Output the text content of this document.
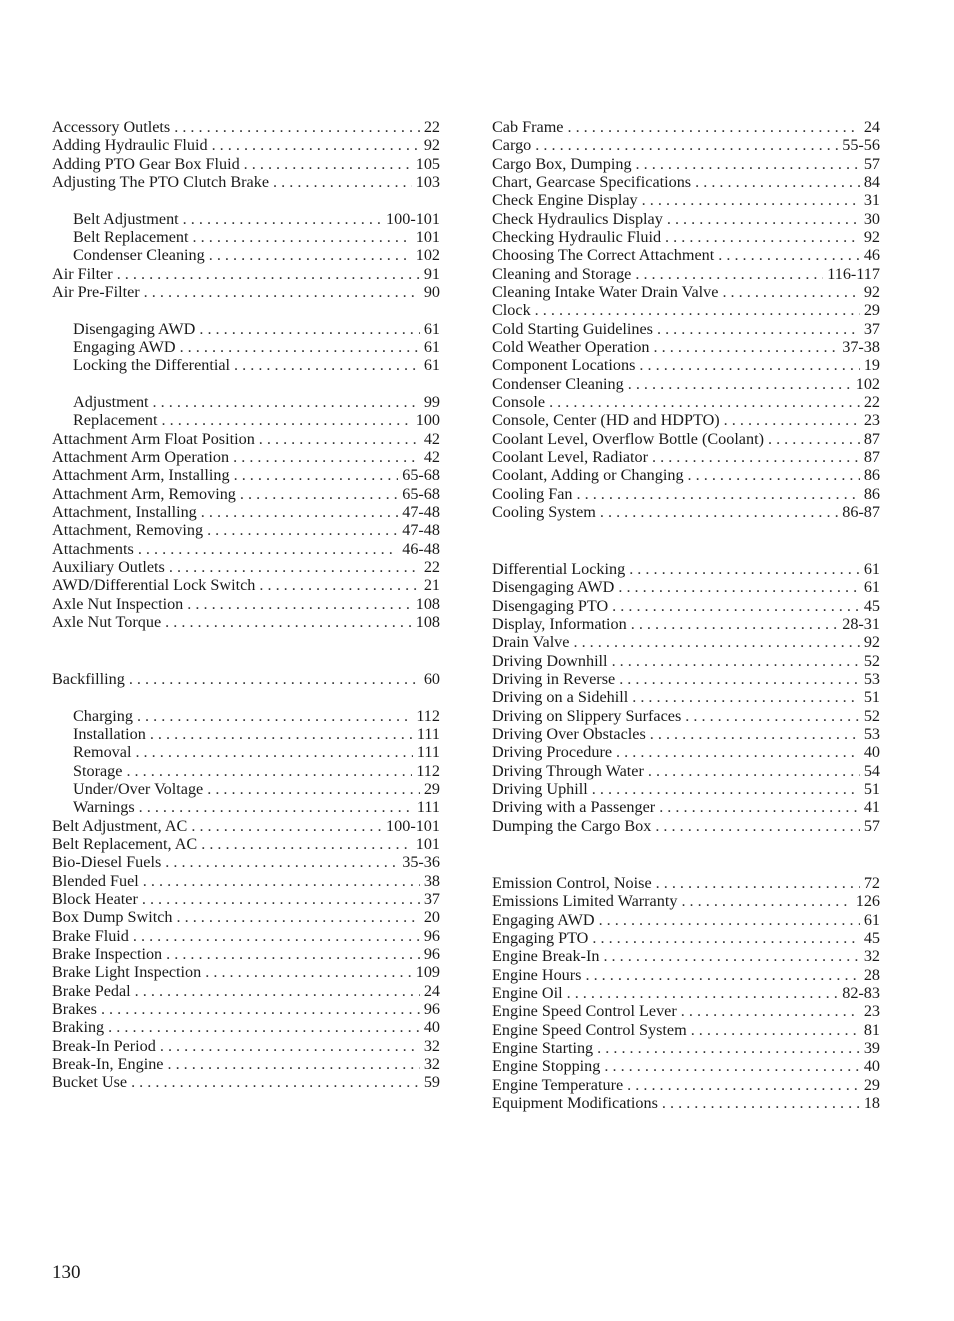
Accessory Outlets . . .	22
Adding Hydraulic Fluid . . .	92
Adding PTO Gear Box Fluid . . .	105
Adjusting The PTO Clutch Brake . . .	103
Belt Adjustment . . .	100-101
Belt Replacement . . .	101
Condenser Cleaning . . .	102
Air Filter . . .	91
Air Pre-Filter . . .	90
Disengaging AWD . . .	61
Engaging AWD . . .	61
Locking the Differential . . .	61
Adjustment . . .	99
Replacement . . .	100
Attachment Arm Float Position . . .	42
Attachment Arm Operation . . .	42
Attachment Arm, Installing . . .	65-68
Attachment Arm, Removing . . .	65-68
Attachment, Installing . . .	47-48
Attachment, Removing . . .	47-48
Attachments . . .	46-48
Auxiliary Outlets . . .	22
AWD/Differential Lock Switch . . .	21
Axle Nut Inspection . . .	108
Axle Nut Torque . . .	108
Backfilling . . .	60
Charging . . .	112
Installation . . .	111
Removal . . .	111
Storage . . .	112
Under/Over Voltage . . .	29
Warnings . . .	111
Belt Adjustment, AC . . .	100-101
Belt Replacement, AC . . .	101
Bio-Diesel Fuels . . .	35-36
Blended Fuel . . .	38
Block Heater . . .	37
Box Dump Switch . . .	20
Brake Fluid . . .	96
Brake Inspection . . .	96
Brake Light Inspection . . .	109
Brake Pedal . . .	24
Brakes . . .	96
Braking . . .	40
Break-In Period . . .	32
Break-In, Engine . . .	32
Bucket Use . . .	59
Cab Frame . . .	24
Cargo . . .	55-56
Cargo Box, Dumping . . .	57
Chart, Gearcase Specifications . . .	84
Check Engine Display . . .	31
Check Hydraulics Display . . .	30
Checking Hydraulic Fluid . . .	92
Choosing The Correct Attachment . . .	46
Cleaning and Storage . . .	116-117
Cleaning Intake Water Drain Valve . . .	92
Clock . . .	29
Cold Starting Guidelines . . .	37
Cold Weather Operation . . .	37-38
Component Locations . . .	19
Condenser Cleaning . . .	102
Console . . .	22
Console, Center (HD and HDPTO) . . .	23
Coolant Level, Overflow Bottle (Coolant) . . .	87
Coolant Level, Radiator . . .	87
Coolant, Adding or Changing . . .	86
Cooling Fan . . .	86
Cooling System . . .	86-87
Differential Locking . . .	61
Disengaging AWD . . .	61
Disengaging PTO . . .	45
Display, Information . . .	28-31
Drain Valve . . .	92
Driving Downhill . . .	52
Driving in Reverse . . .	53
Driving on a Sidehill . . .	51
Driving on Slippery Surfaces . . .	52
Driving Over Obstacles . . .	53
Driving Procedure . . .	40
Driving Through Water . . .	54
Driving Uphill . . .	51
Driving with a Passenger . . .	41
Dumping the Cargo Box . . .	57
Emission Control, Noise . . .	72
Emissions Limited Warranty . . .	126
Engaging AWD . . .	61
Engaging PTO . . .	45
Engine Break-In . . .	32
Engine Hours . . .	28
Engine Oil . . .	82-83
Engine Speed Control Lever . . .	23
Engine Speed Control System . . .	81
Engine Starting . . .	39
Engine Stopping . . .	40
Engine Temperature . . .	29
Equipment Modifications . . .	18
130
